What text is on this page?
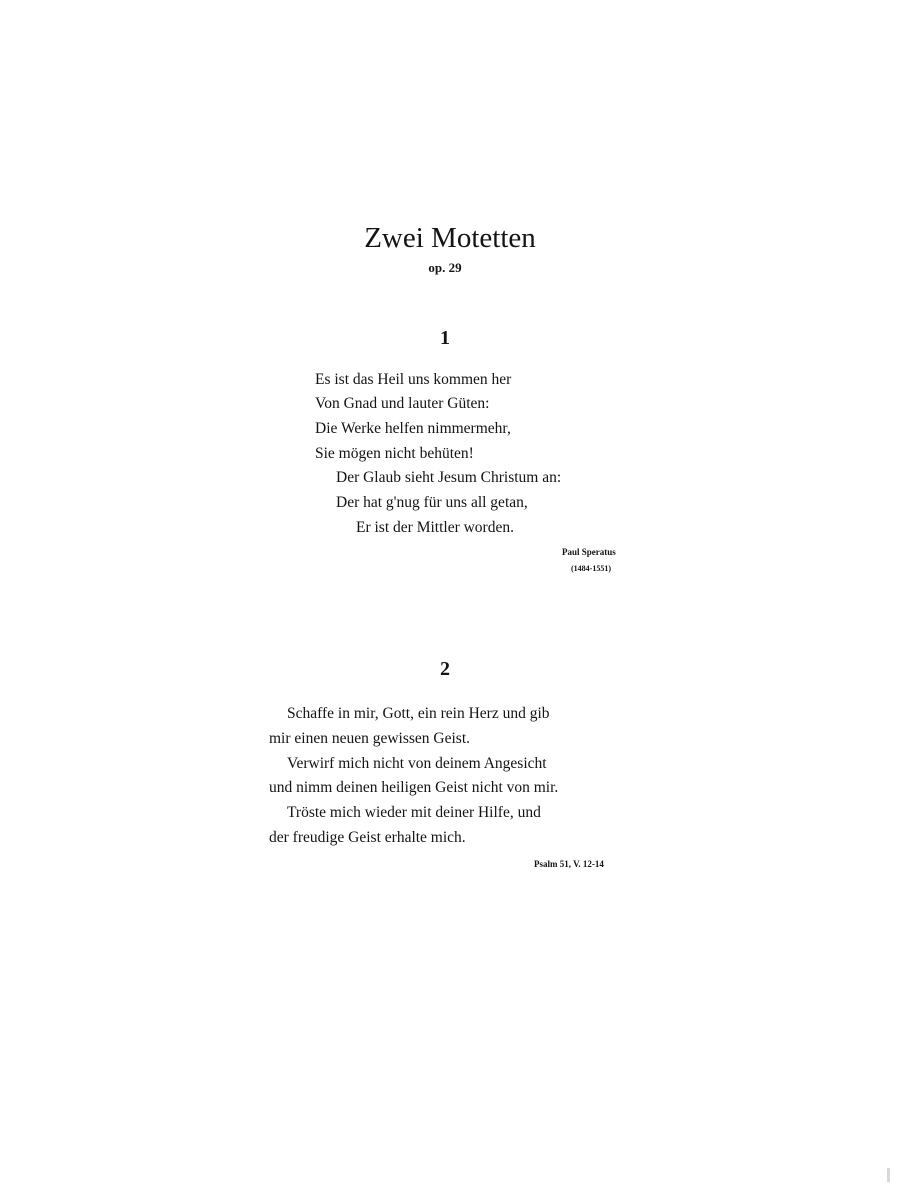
Zwei Motetten
op. 29
1
Es ist das Heil uns kommen her
Von Gnad und lauter Güten:
Die Werke helfen nimmermehr,
Sie mögen nicht behüten!
Der Glaub sieht Jesum Christum an:
Der hat g'nug für uns all getan,
Er ist der Mittler worden.
Paul Speratus
(1484-1551)
2
Schaffe in mir, Gott, ein rein Herz und gib
mir einen neuen gewissen Geist.
Verwirf mich nicht von deinem Angesicht
und nimm deinen heiligen Geist nicht von mir.
Tröste mich wieder mit deiner Hilfe, und
der freudige Geist erhalte mich.
Psalm 51, V. 12-14
